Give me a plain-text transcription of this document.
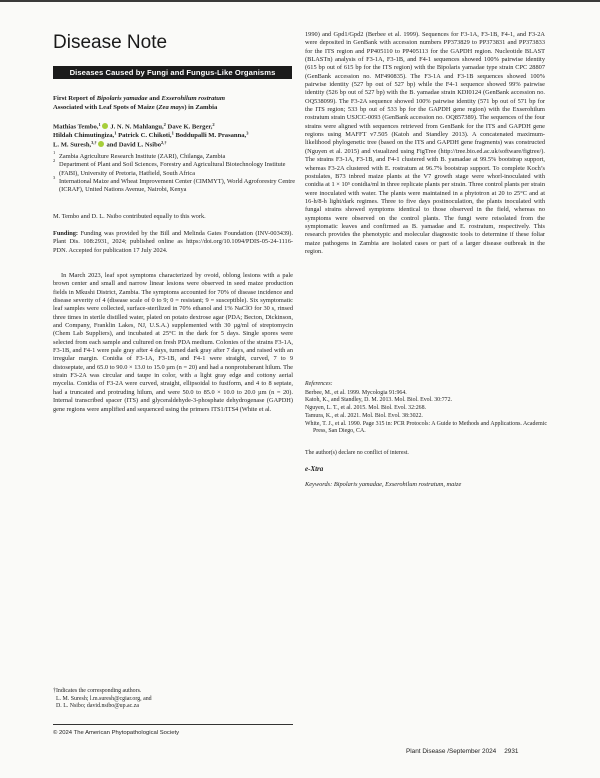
Disease Note
Diseases Caused by Fungi and Fungus-Like Organisms
First Report of Bipolaris yamadae and Exserohilum rostratum
Associated with Leaf Spots of Maize (Zea mays) in Zambia
Mathias Tembo,$^1$ J. N. N. Mahlangu,$^2$ Dave K. Berger,$^2$
Hildah Chimutingiza,$^1$ Patrick C. Chikoti,$^1$ Boddupalli M. Prasanna,$^3$
L. M. Suresh,$^{3,\dagger}$ and David L. Nsibo$^{2,\dagger}$
1
Zambia Agriculture Research Institute (ZARI), Chilanga, Zambia
2
Department of Plant and Soil Sciences, Forestry and Agricultural Biotechnology Institute (FABI), University of Pretoria, Hatfield, South Africa
3
International Maize and Wheat Improvement Center (CIMMYT), World Agroforestry Centre (ICRAF), United Nations Avenue, Nairobi, Kenya
M. Tembo and D. L. Nsibo contributed equally to this work.
Funding: Funding was provided by the Bill and Melinda Gates Foundation (INV-003439). Plant Dis. 108:2931, 2024; published online as https://doi.org/10.1094/PDIS-05-24-1116-PDN. Accepted for publication 17 July 2024.
In March 2023, leaf spot symptoms characterized by ovoid, oblong lesions with a pale brown center and small and narrow linear lesions were observed in seed maize production fields in Mkushi District, Zambia. The symptoms accounted for 70% of disease incidence and disease severity of 4 (disease scale of 0 to 9; 0 = resistant; 9 = susceptible). Six symptomatic leaf samples were collected, surface-sterilized in 70% ethanol and 1% NaClO for 30 s, rinsed three times in sterile distilled water, plated on potato dextrose agar (PDA; Becton, Dickinson, and Company, Franklin Lakes, NJ, U.S.A.) supplemented with 30 µg/ml of streptomycin (Chem Lab Suppliers), and incubated at 25°C in the dark for 5 days. Single spores were selected from each sample and cultured on fresh PDA medium. Colonies of the strains F3-1A, F3-1B, and F4-1 were pale gray after 4 days, turned dark gray after 7 days, and raised with an irregular margin. Conidia of F3-1A, F3-1B, and F4-1 were straight, curved, 7 to 9 distoseptate, and 65.0 to 90.0 × 13.0 to 15.0 µm (n = 20) and had a nonprotuberant hilum. The strain F3-2A was circular and taupe in color, with a light gray edge and cottony aerial mycelia. Conidia of F3-2A were curved, straight, ellipsoidal to fusiform, and 4 to 8 septate, had a truncated and protruding hilum, and were 50.0 to 85.0 × 10.0 to 20.0 µm (n = 20). Internal transcribed spacer (ITS) and glyceraldehyde-3-phosphate dehydrogenase (GAPDH) gene regions were amplified and sequenced using the primers ITS1/ITS4 (White et al.
1990) and Gpd1/Gpd2 (Berbee et al. 1999). Sequences for F3-1A, F3-1B, F4-1, and F3-2A were deposited in GenBank with accession numbers PP373829 to PP373831 and PP373833 for the ITS region and PP405110 to PP405113 for the GAPDH region. Nucleotide BLAST (BLASTn) analysis of F3-1A, F3-1B, and F4-1 sequences showed 100% pairwise identity (615 bp out of 615 bp for the ITS region) with the Bipolaris yamadae type strain CPC 28807 (GenBank accession no. MF490835). The F3-1A and F3-1B sequences showed 100% pairwise identity (527 bp out of 527 bp) while the F4-1 sequence showed 99% pairwise identity (526 bp out of 527 bp) with the B. yamadae strain KDI0124 (GenBank accession no. OQ538099). The F3-2A sequence showed 100% pairwise identity (571 bp out of 571 bp for the ITS region; 533 bp out of 533 bp for the GAPDH gene region) with the Exserohilum rostratum strain USJCC-0093 (GenBank accession no. OQ857389). The sequences of the four strains were aligned with sequences retrieved from GenBank for the ITS and GAPDH gene regions using MAFFT v7.505 (Katoh and Standley 2013). A concatenated maximum-likelihood phylogenetic tree (based on the ITS and GAPDH gene fragments) was constructed (Nguyen et al. 2015) and visualized using FigTree (http://tree.bio.ed.ac.uk/software/figtree/). The strains F3-1A, F3-1B, and F4-1 clustered with B. yamadae at 99.5% bootstrap support, whereas F3-2A clustered with E. rostratum at 96.7% bootstrap support. To complete Koch’s postulates, B73 inbred maize plants at the V7 growth stage were whorl-inoculated with conidia at 1 × 10⁵ conidia/ml in three replicate plants per strain. Three control plants per strain were inoculated with water. The plants were maintained in a phytotron at 20 to 25°C and at 16-h/8-h light/dark regimes. Three to five days postinoculation, the plants inoculated with fungal strains showed symptoms identical to those observed in the field, whereas no symptoms were observed on the control plants. The fungi were reisolated from the symptomatic leaves and confirmed as B. yamadae and E. rostratum, respectively. This research provides the phenotypic and molecular diagnostic tools to determine if these foliar maize pathogens in Zambia are isolated cases or part of a larger disease outbreak in the region.
References:
Berbee, M., et al. 1999. Mycologia 91:964.
Katoh, K., and Standley, D. M. 2013. Mol. Biol. Evol. 30:772.
Nguyen, L. T., et al. 2015. Mol. Biol. Evol. 32:268.
Tamura, K., et al. 2021. Mol. Biol. Evol. 38:3022.
White, T. J., et al. 1990. Page 315 in: PCR Protocols: A Guide to Methods and Applications. Academic Press, San Diego, CA.
The author(s) declare no conflict of interest.
e-Xtra
Keywords: Bipolaris yamadae, Exserohilum rostratum, maize
†Indicates the corresponding authors.
L. M. Suresh; l.m.suresh@cgiar.org, and
D. L. Nsibo; david.nsibo@up.ac.za
© 2024 The American Phytopathological Society
Plant Disease /September 2024 2931
